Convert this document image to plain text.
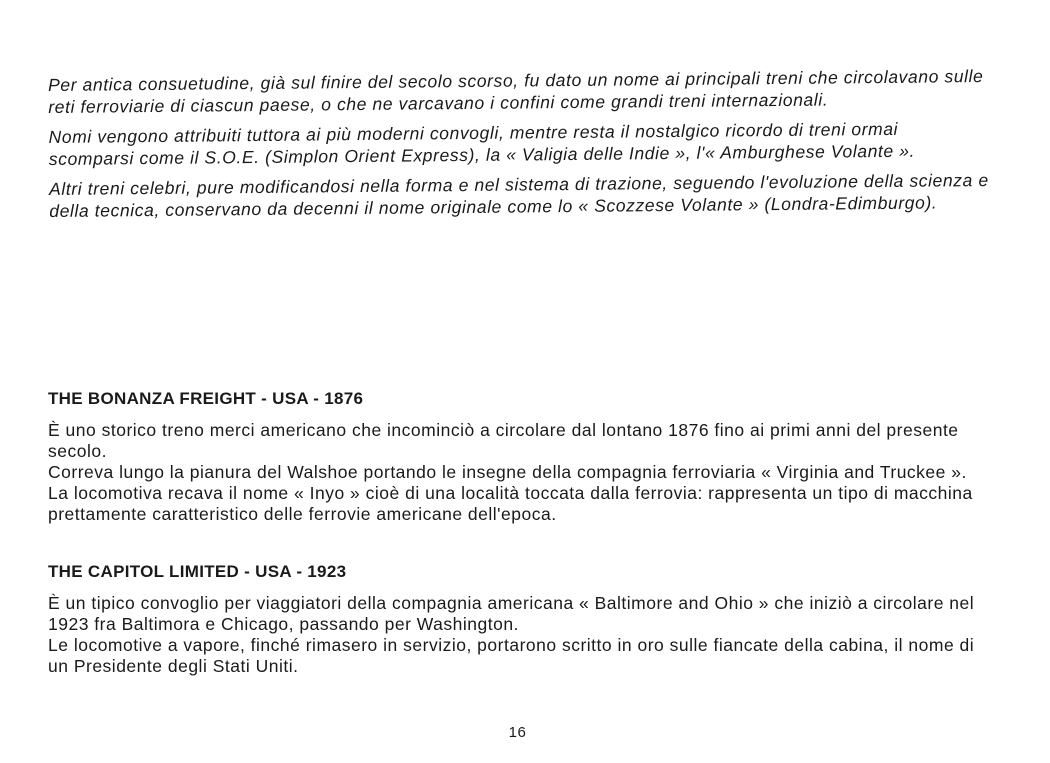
Per antica consuetudine, già sul finire del secolo scorso, fu dato un nome ai principali treni che circolavano sulle reti ferroviarie di ciascun paese, o che ne varcavano i confini come grandi treni internazionali.

Nomi vengono attribuiti tuttora ai più moderni convogli, mentre resta il nostalgico ricordo di treni ormai scomparsi come il S.O.E. (Simplon Orient Express), la « Valigia delle Indie », l'« Amburghese Volante ».

Altri treni celebri, pure modificandosi nella forma e nel sistema di trazione, seguendo l'evoluzione della scienza e della tecnica, conservano da decenni il nome originale come lo « Scozzese Volante » (Londra-Edimburgo).

THE BONANZA FREIGHT - USA - 1876

È uno storico treno merci americano che incominciò a circolare dal lontano 1876 fino ai primi anni del presente secolo.

Correva lungo la pianura del Walshoe portando le insegne della compagnia ferroviaria « Virginia and Truckee ».

La locomotiva recava il nome « Inyo » cioè di una località toccata dalla ferrovia: rappresenta un tipo di macchina prettamente caratteristico delle ferrovie americane dell'epoca.

THE CAPITOL LIMITED - USA - 1923

È un tipico convoglio per viaggiatori della compagnia americana « Baltimore and Ohio » che iniziò a circolare nel 1923 fra Baltimora e Chicago, passando per Washington.

Le locomotive a vapore, finché rimasero in servizio, portarono scritto in oro sulle fiancate della cabina, il nome di un Presidente degli Stati Uniti.

16
